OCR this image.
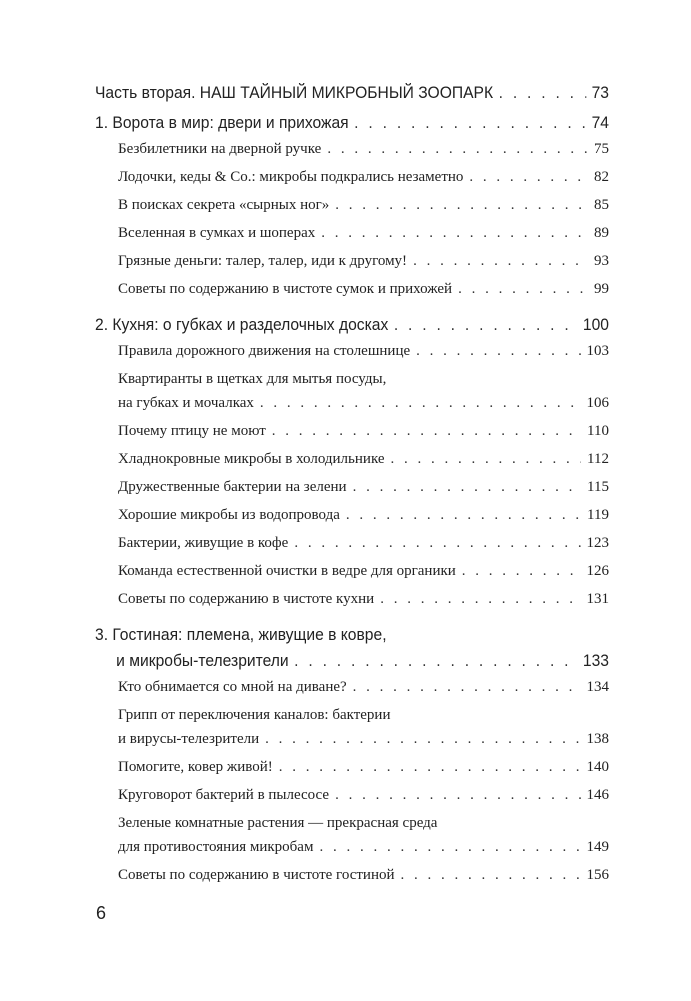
Часть вторая. НАШ ТАЙНЫЙ МИКРОБНЫЙ ЗООПАРК . . .	73
1. Ворота в мир: двери и прихожая . . .	74
Безбилетники на дверной ручке . . .	75
Лодочки, кеды & Co.: микробы подкрались незаметно . . .	82
В поисках секрета «сырных ног» . . .	85
Вселенная в сумках и шоперах . . .	89
Грязные деньги: талер, талер, иди к другому! . . .	93
Советы по содержанию в чистоте сумок и прихожей . . .	99
2. Кухня: о губках и разделочных досках . . .	100
Правила дорожного движения на столешнице . . .	103
Квартиранты в щетках для мытья посуды,
на губках и мочалках . . .	106
Почему птицу не моют . . .	110
Хладнокровные микробы в холодильнике . . .	112
Дружественные бактерии на зелени . . .	115
Хорошие микробы из водопровода . . .	119
Бактерии, живущие в кофе . . .	123
Команда естественной очистки в ведре для органики . . .	126
Советы по содержанию в чистоте кухни . . .	131
3. Гостиная: племена, живущие в ковре,
и микробы-телезрители . . .	133
Кто обнимается со мной на диване? . . .	134
Грипп от переключения каналов: бактерии
и вирусы-телезрители . . .	138
Помогите, ковер живой! . . .	140
Круговорот бактерий в пылесосе . . .	146
Зеленые комнатные растения — прекрасная среда
для противостояния микробам . . .	149
Советы по содержанию в чистоте гостиной . . .	156
6
